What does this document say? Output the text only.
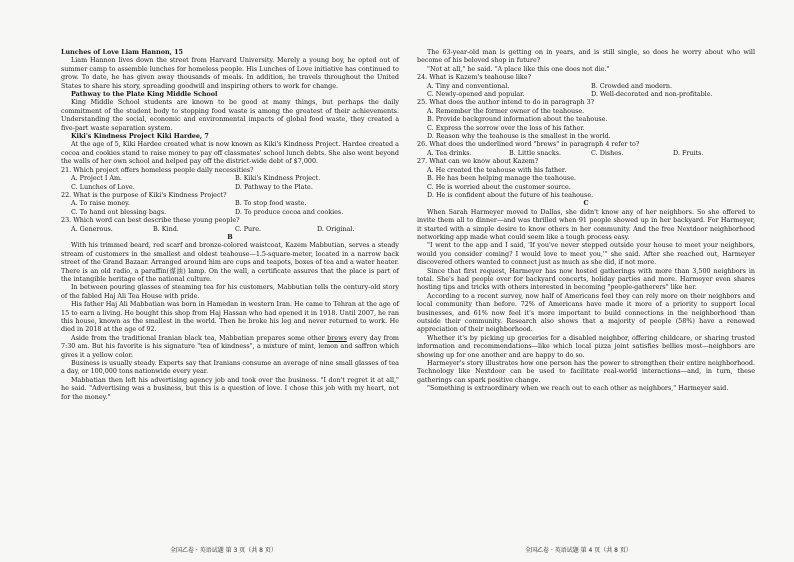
Lunches of Love Liam Hannon, 15

Liam Hannon lives down the street from Harvard University. Merely a young boy, he opted out of summer camp to assemble lunches for homeless people. His Lunches of Love initiative has continued to grow. To date, he has given away thousands of meals. In addition, he travels throughout the United States to share his story, spreading goodwill and inspiring others to work for change.

Pathway to the Plate King Middle School

King Middle School students are known to be good at many things, but perhaps the daily commitment of the student body to stopping food waste is among the greatest of their achievements. Understanding the social, economic and environmental impacts of global food waste, they created a five-part waste separation system.

Kiki's Kindness Project Kiki Hardee, 7

At the age of 5, Kiki Hardee created what is now known as Kiki's Kindness Project. Hardee created a cocoa and cookies stand to raise money to pay off classmates' school lunch debts. She also went beyond the walls of her own school and helped pay off the district-wide debt of $7,000.

21. Which project offers homeless people daily necessities?

A. Project I Am.	B. Kiki's Kindness Project.
C. Lunches of Love.	D. Pathway to the Plate.

22. What is the purpose of Kiki's Kindness Project?

A. To raise money.	B. To stop food waste.
C. To hand out blessing bags.	D. To produce cocoa and cookies.

23. Which word can best describe these young people?

A. Generous.	B. Kind.	C. Pure.	D. Original.

B

With his trimmed beard, red scarf and bronze-colored waistcoat, Kazem Mabbutian, serves a steady stream of customers in the smallest and oldest teahouse—1.5-square-meter, located in a narrow back street of the Grand Bazaar. Arranged around him are cups and teapots, boxes of tea and a water heater. There is an old radio, a paraffin(煤油) lamp. On the wall, a certificate assures that the place is part of the intangible heritage of the national culture.

In between pouring glasses of steaming tea for his customers, Mabbutian tells the century-old story of the fabled Haj Ali Tea House with pride.

His father Haj Ali Mabbatian was born in Hamedan in western Iran. He came to Tehran at the age of 15 to earn a living. He bought this shop from Haj Hassan who had opened it in 1918. Until 2007, he ran this house, known as the smallest in the world. Then he broke his leg and never returned to work. He died in 2018 at the age of 92.

Aside from the traditional Iranian black tea, Mabbatian prepares some other brews every day from 7:30 am. But his favorite is his signature "tea of kindness", a mixture of mint, lemon and saffron which gives it a yellow color.

Business is usually steady. Experts say that Iranians consume an average of nine small glasses of tea a day, or 100,000 tons nationwide every year.

Mabbatian then left his advertising agency job and took over the business. "I don't regret it at all," he said. "Advertising was a business, but this is a question of love. I chose this job with my heart, not for the money."

The 63-year-old man is getting on in years, and is still single, so does he worry about who will become of his beloved shop in future?

"Not at all," he said. "A place like this one does not die."

24. What is Kazem's teahouse like?

A. Tiny and conventional.	B. Crowded and modern.
C. Newly-opened and popular.	D. Well-decorated and non-profitable.

25. What does the author intend to do in paragraph 3?

A. Remember the former owner of the teahouse.
B. Provide background information about the teahouse.
C. Express the sorrow over the loss of his father.
D. Reason why the teahouse is the smallest in the world.

26. What does the underlined word "brews" in paragraph 4 refer to?

A. Tea drinks.	B. Little snacks.	C. Dishes.	D. Fruits.

27. What can we know about Kazem?

A. He created the teahouse with his father.
B. He has been helping manage the teahouse.
C. He is worried about the customer source.
D. He is confident about the future of his teahouse.

C

When Sarah Harmeyer moved to Dallas, she didn't know any of her neighbors. So she offered to invite them all to dinner—and was thrilled when 91 people showed up in her backyard. For Harmeyer, it started with a simple desire to know others in her community. And the free Nextdoor neighborhood networking app made what could seem like a tough process easy.

"I went to the app and I said, 'If you've never stepped outside your house to meet your neighbors, would you consider coming? I would love to meet you,'" she said. After she reached out, Harmeyer discovered others wanted to connect just as much as she did, if not more.

Since that first request, Harmeyer has now hosted gatherings with more than 3,500 neighbors in total. She's had people over for backyard concerts, holiday parties and more. Harmeyer even shares hosting tips and tricks with others interested in becoming "people-gatherers" like her.

According to a recent survey, now half of Americans feel they can rely more on their neighbors and local community than before. 72% of Americans have made it more of a priority to support local businesses, and 61% now feel it's more important to build connections in the neighborhood than outside their community. Research also shows that a majority of people (58%) have a renewed appreciation of their neighborhood.

Whether it's by picking up groceries for a disabled neighbor, offering childcare, or sharing trusted information and recommendations—like which local pizza joint satisfies bellies most—neighbors are showing up for one another and are happy to do so.

Harmeyer's story illustrates how one person has the power to strengthen their entire neighborhood. Technology like Nextdoor can be used to facilitate real-world interactions—and, in turn, these gatherings can spark positive change.

"Something is extraordinary when we reach out to each other as neighbors," Harmeyer said.

全国乙卷 · 英语试题 第 3 页（共 8 页）	全国乙卷 · 英语试题 第 4 页（共 8 页）
